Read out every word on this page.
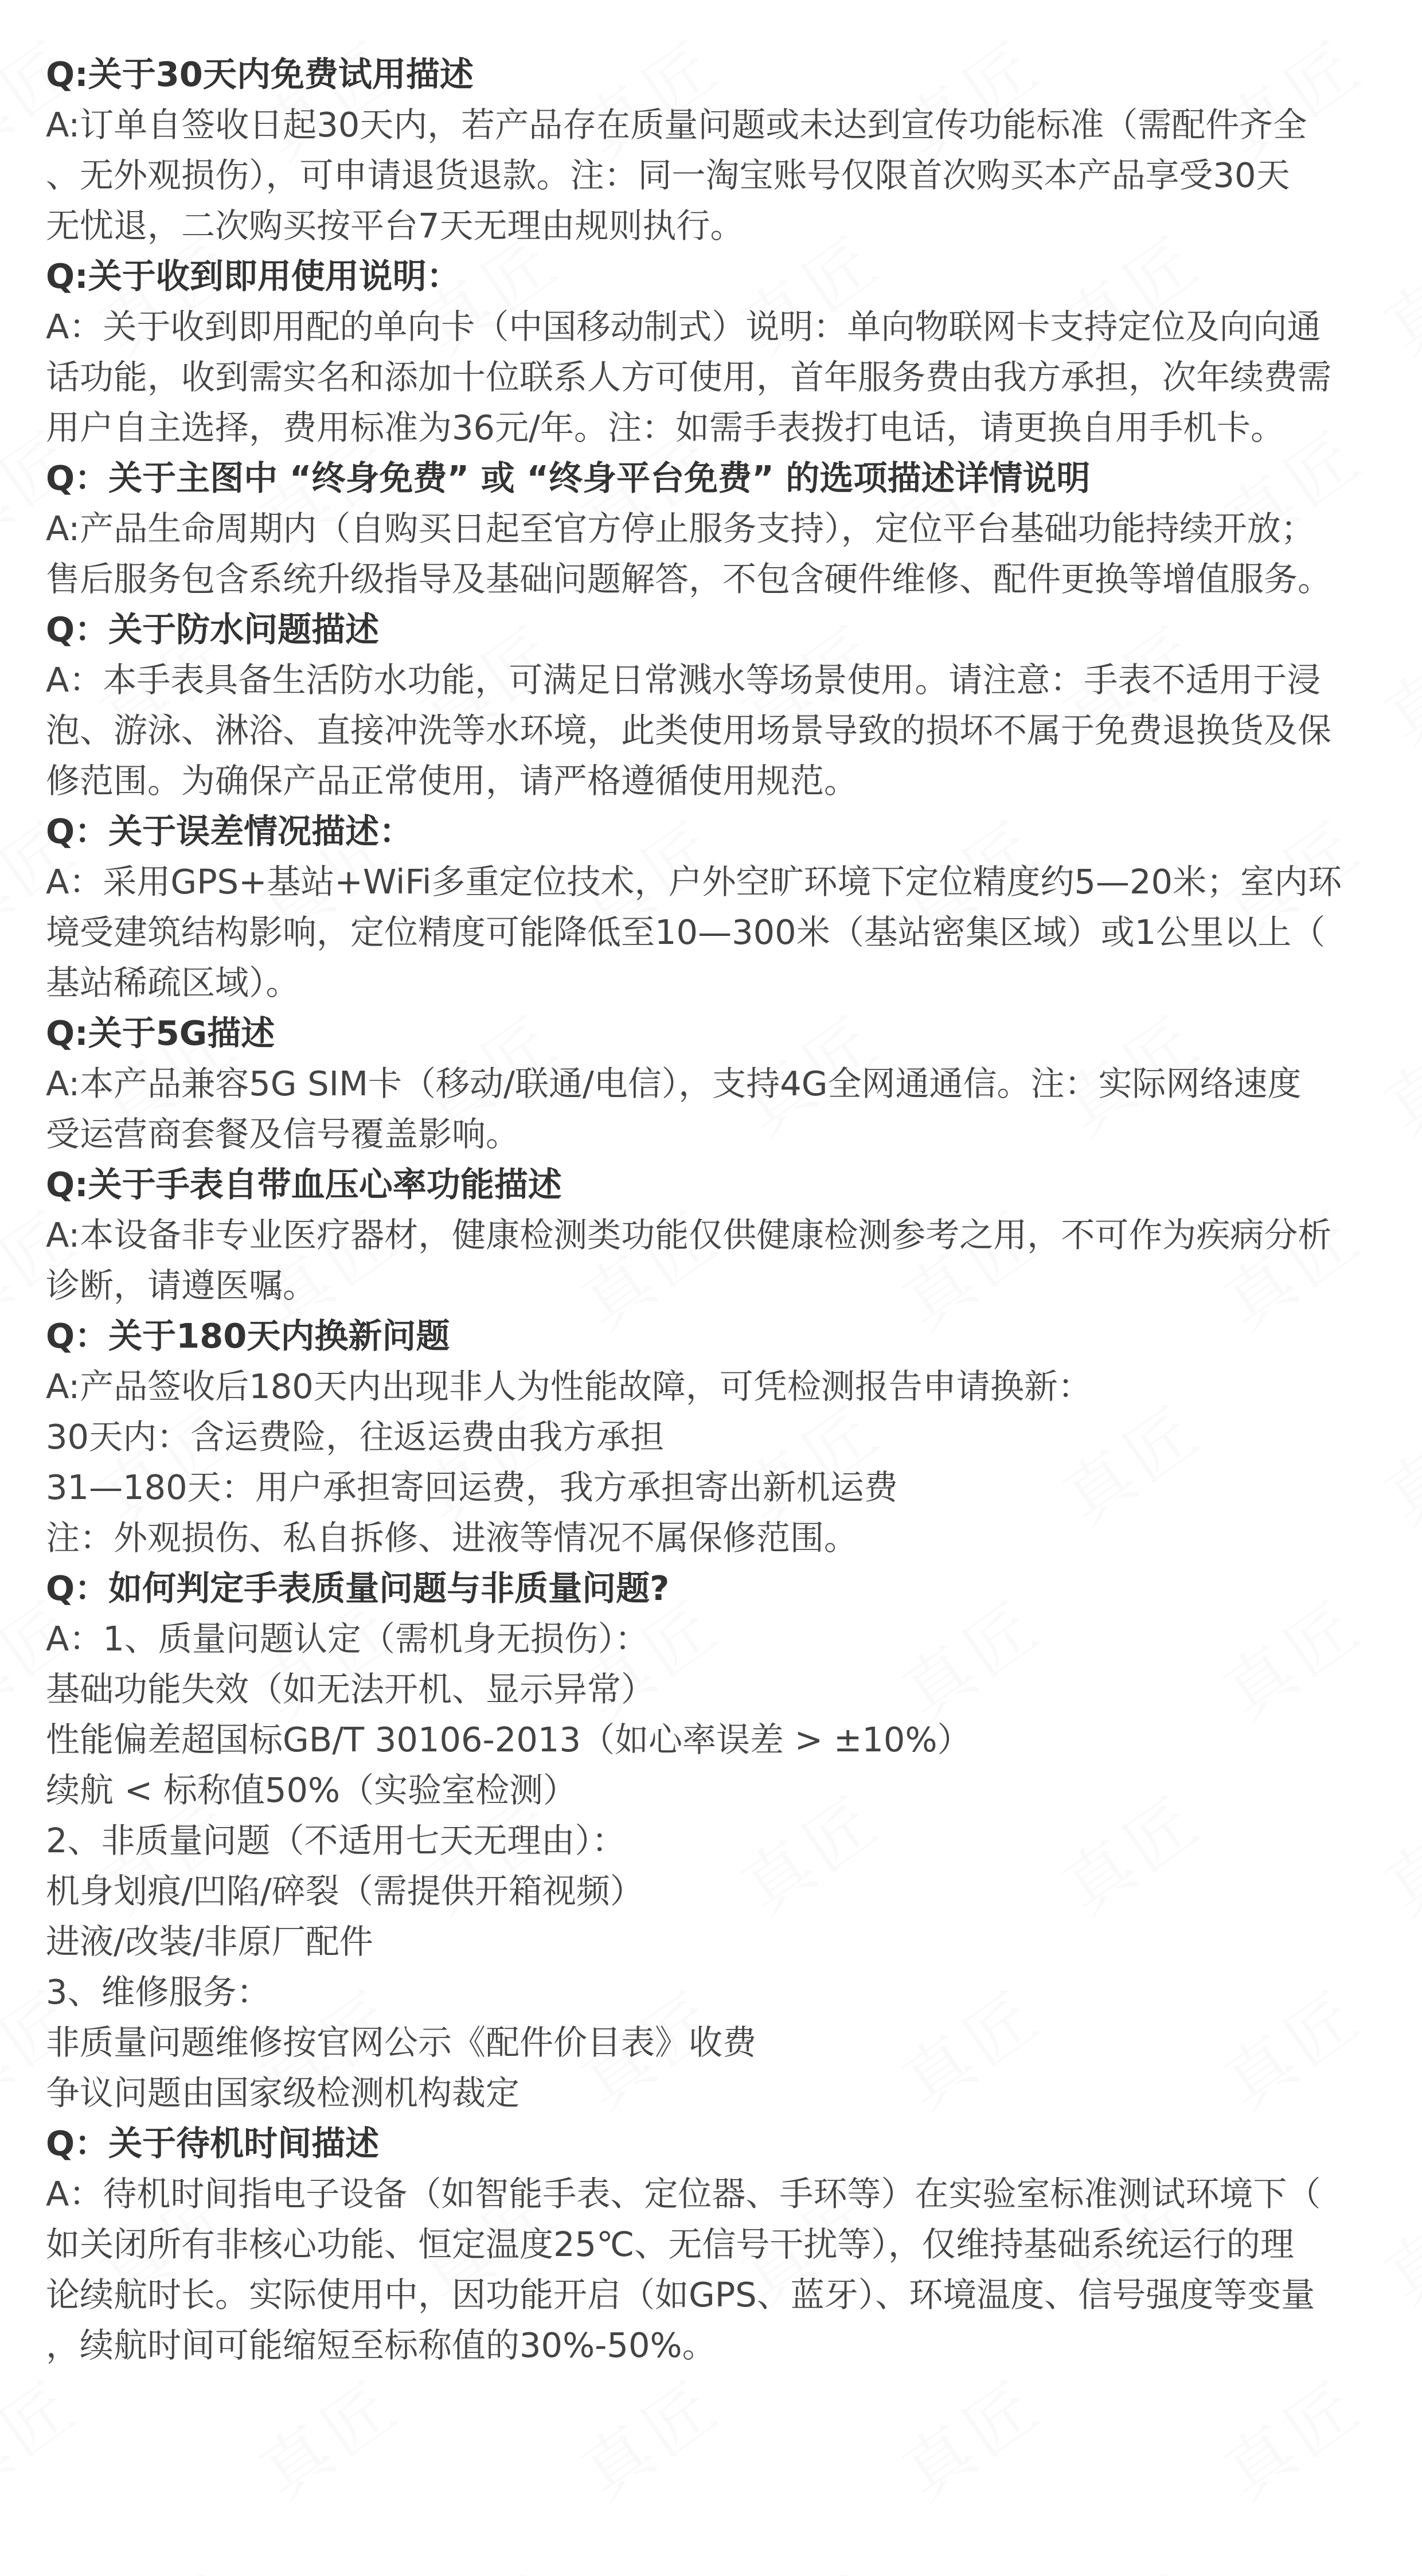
Q:关于30天内免费试用描述
A:订单自签收日起30天内，若产品存在质量问题或未达到宣传功能标准（需配件齐全
、无外观损伤），可申请退货退款。注：同一淘宝账号仅限首次购买本产品享受30天
无忧退，二次购买按平台7天无理由规则执行。
Q:关于收到即用使用说明：
A：关于收到即用配的单向卡（中国移动制式）说明：单向物联网卡支持定位及向向通
话功能，收到需实名和添加十位联系人方可使用，首年服务费由我方承担，次年续费需
用户自主选择，费用标准为36元/年。注：如需手表拨打电话，请更换自用手机卡。
Q：关于主图中 “终身免费” 或 “终身平台免费” 的选项描述详情说明
A:产品生命周期内（自购买日起至官方停止服务支持），定位平台基础功能持续开放；
售后服务包含系统升级指导及基础问题解答，不包含硬件维修、配件更换等增值服务。
Q：关于防水问题描述
A：本手表具备生活防水功能，可满足日常溅水等场景使用。请注意：手表不适用于浸
泡、游泳、淋浴、直接冲洗等水环境，此类使用场景导致的损坏不属于免费退换货及保
修范围。为确保产品正常使用，请严格遵循使用规范。
Q：关于误差情况描述：
A：采用GPS+基站+WiFi多重定位技术，户外空旷环境下定位精度约5—20米；室内环
境受建筑结构影响，定位精度可能降低至10—300米（基站密集区域）或1公里以上（
基站稀疏区域）。
Q:关于5G描述
A:本产品兼容5G SIM卡（移动/联通/电信），支持4G全网通通信。注：实际网络速度
受运营商套餐及信号覆盖影响。
Q:关于手表自带血压心率功能描述
A:本设备非专业医疗器材，健康检测类功能仅供健康检测参考之用，不可作为疾病分析
诊断，请遵医嘱。
Q：关于180天内换新问题
A:产品签收后180天内出现非人为性能故障，可凭检测报告申请换新：
30天内：含运费险，往返运费由我方承担
31—180天：用户承担寄回运费，我方承担寄出新机运费
注：外观损伤、私自拆修、进液等情况不属保修范围。
Q：如何判定手表质量问题与非质量问题?
A：1、质量问题认定（需机身无损伤）：
基础功能失效（如无法开机、显示异常）
性能偏差超国标GB/T 30106-2013（如心率误差 > ±10%）
续航 < 标称值50%（实验室检测）
2、非质量问题（不适用七天无理由）：
机身划痕/凹陷/碎裂（需提供开箱视频）
进液/改装/非原厂配件
3、维修服务：
非质量问题维修按官网公示《配件价目表》收费
争议问题由国家级检测机构裁定
Q：关于待机时间描述
A：待机时间指电子设备（如智能手表、定位器、手环等）在实验室标准测试环境下（
如关闭所有非核心功能、恒定温度25℃、无信号干扰等），仅维持基础系统运行的理
论续航时长。实际使用中，因功能开启（如GPS、蓝牙）、环境温度、信号强度等变量
，续航时间可能缩短至标称值的30%-50%。
